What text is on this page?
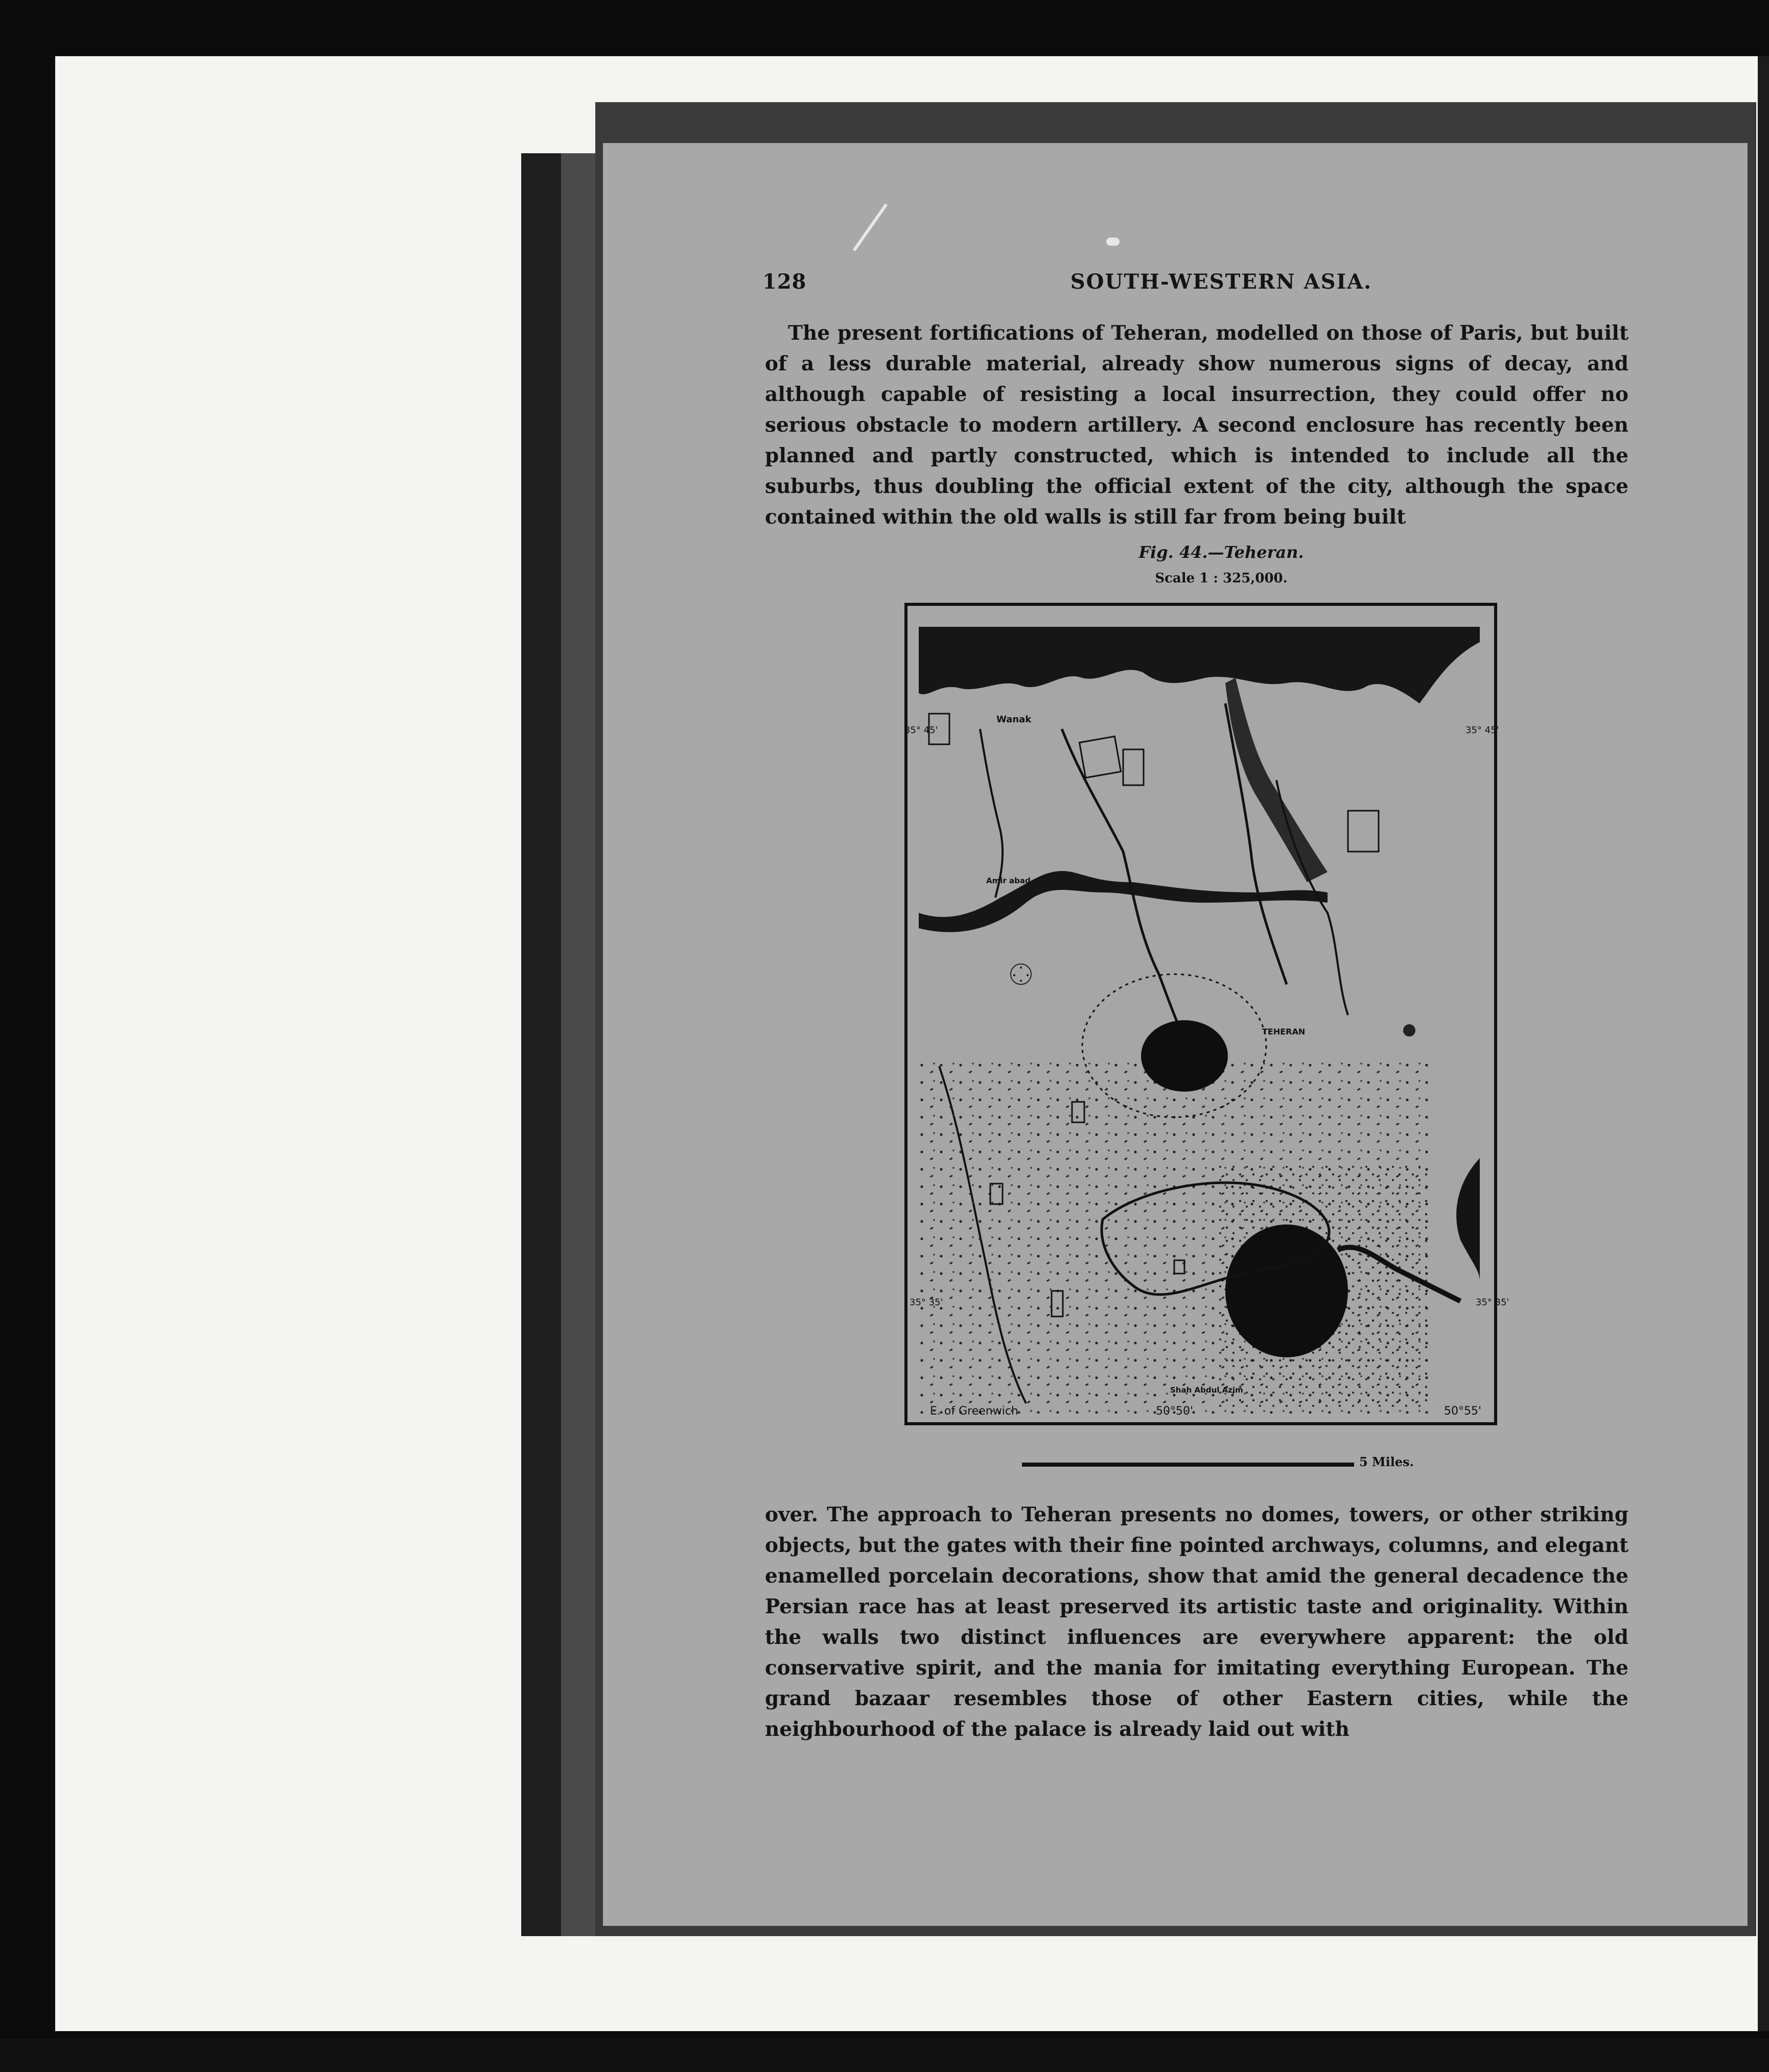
128	SOUTH-WESTERN ASIA.
The present fortifications of Teheran, modelled on those of Paris, but built of a less durable material, already show numerous signs of decay, and although capable of resisting a local insurrection, they could offer no serious obstacle to modern artillery. A second enclosure has recently been planned and partly constructed, which is intended to include all the suburbs, thus doubling the official extent of the city, although the space contained within the old walls is still far from being built
Fig. 44.—Teheran.
Scale 1 : 325,000.
Wanak
Amir abad
TEHERAN
Shah Abdul Azim
35° 45'	35° 45'
35° 35'	35° 35'
E. of Greenwich	50°50'	50°55'
5 Miles.
over. The approach to Teheran presents no domes, towers, or other striking objects, but the gates with their fine pointed archways, columns, and elegant enamelled porcelain decorations, show that amid the general decadence the Persian race has at least preserved its artistic taste and originality. Within the walls two distinct influences are everywhere apparent: the old conservative spirit, and the mania for imitating everything European. The grand bazaar resembles those of other Eastern cities, while the neighbourhood of the palace is already laid out with
